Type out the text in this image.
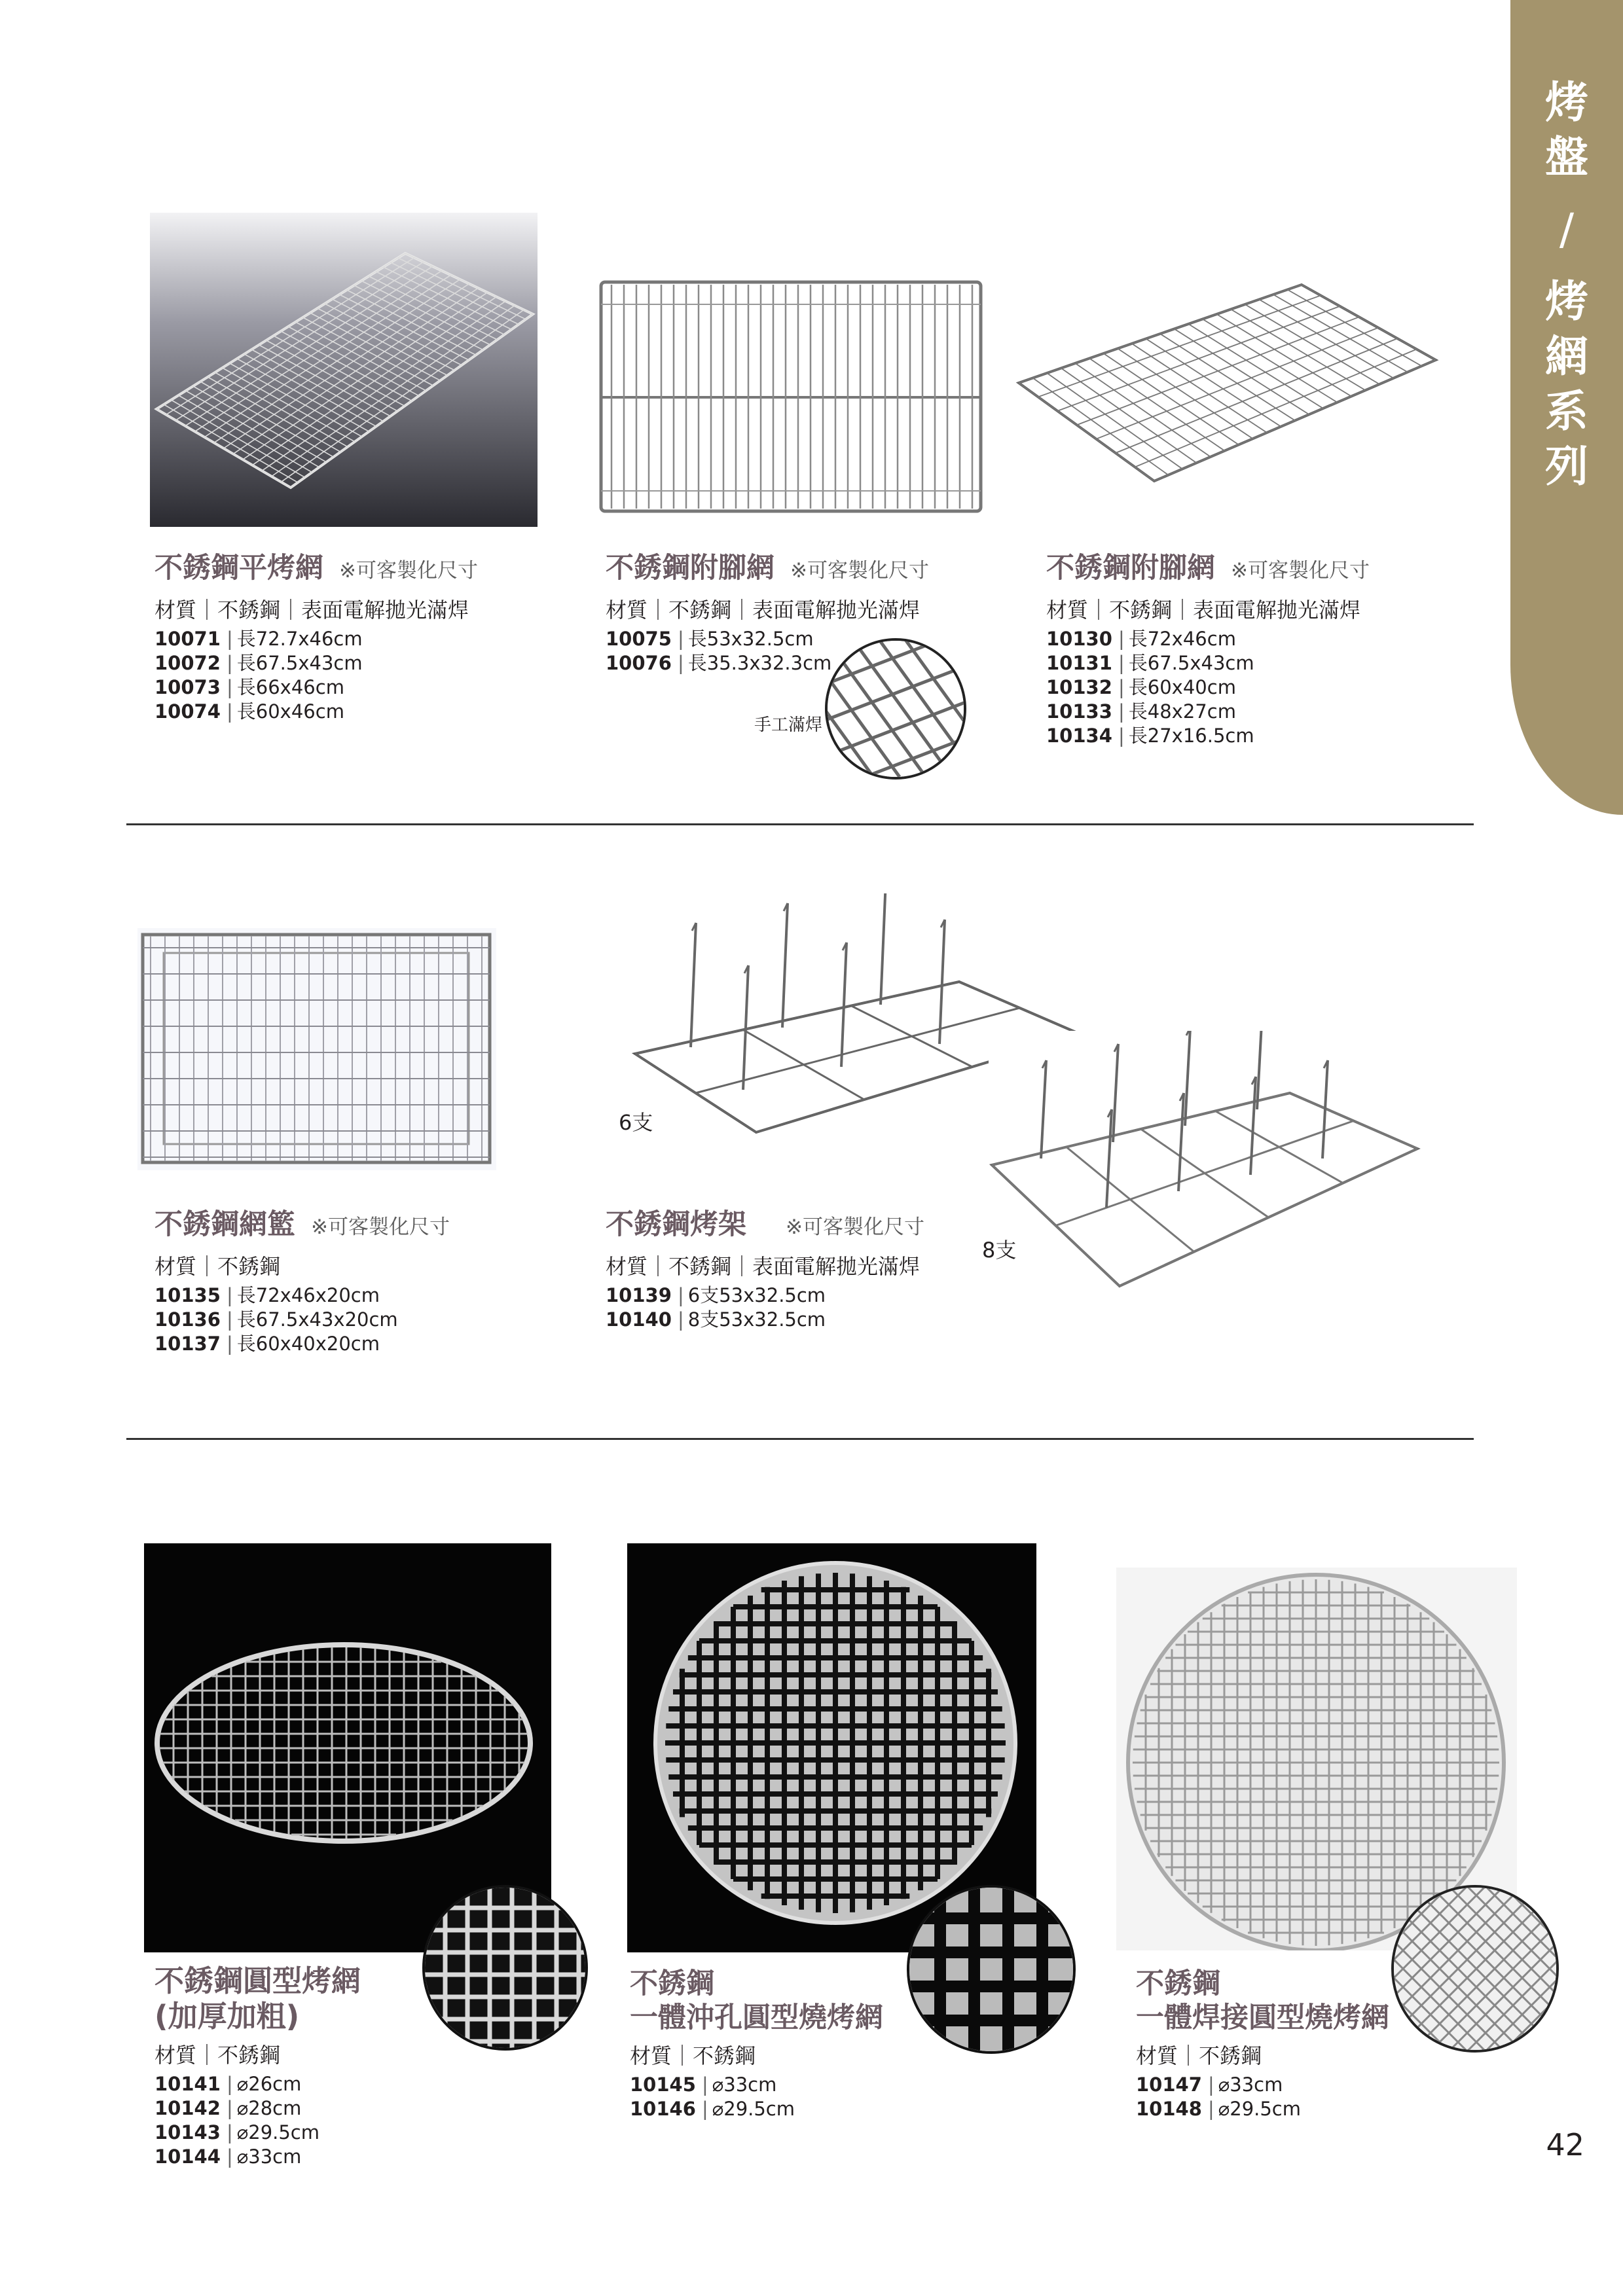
烤
盤
/
烤
網
系
列
手工滿焊
不銹鋼平烤網 ※可客製化尺寸
材質｜不銹鋼｜表面電解拋光滿焊
10071 | 長72.7x46cm
10072 | 長67.5x43cm
10073 | 長66x46cm
10074 | 長60x46cm
不銹鋼附腳網 ※可客製化尺寸
材質｜不銹鋼｜表面電解拋光滿焊
10075 | 長53x32.5cm
10076 | 長35.3x32.3cm
不銹鋼附腳網 ※可客製化尺寸
材質｜不銹鋼｜表面電解拋光滿焊
10130 | 長72x46cm
10131 | 長67.5x43cm
10132 | 長60x40cm
10133 | 長48x27cm
10134 | 長27x16.5cm
6支
8支
不銹鋼網籃 ※可客製化尺寸
材質｜不銹鋼
10135 | 長72x46x20cm
10136 | 長67.5x43x20cm
10137 | 長60x40x20cm
不銹鋼烤架 ※可客製化尺寸
材質｜不銹鋼｜表面電解拋光滿焊
10139 | 6支53x32.5cm
10140 | 8支53x32.5cm
不銹鋼圓型烤網
(加厚加粗)
材質｜不銹鋼
10141 | ⌀26cm
10142 | ⌀28cm
10143 | ⌀29.5cm
10144 | ⌀33cm
不銹鋼
一體沖孔圓型燒烤網
材質｜不銹鋼
10145 | ⌀33cm
10146 | ⌀29.5cm
不銹鋼
一體焊接圓型燒烤網
材質｜不銹鋼
10147 | ⌀33cm
10148 | ⌀29.5cm
42
